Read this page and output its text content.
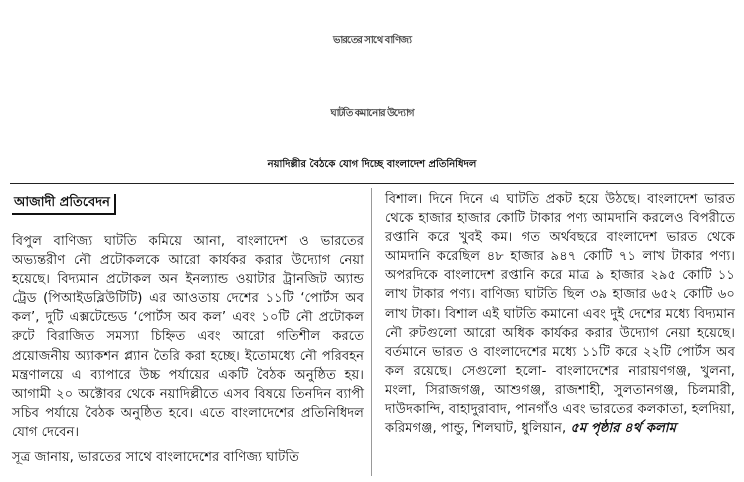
ভারতের সাথে বাণিজ্য
ঘাটতি কমানোর উদ্যোগ
নয়াদিল্লীর বৈঠকে যোগ দিচ্ছে বাংলাদেশ প্রতিনিধিদল
আজাদী প্রতিবেদন

বিপুল বাণিজ্য ঘাটতি কমিয়ে আনা, বাংলাদেশ ও ভারতের অভ্যন্তরীণ নৌ প্রটোকলকে আরো কার্যকর করার উদ্যোগ নেয়া হয়েছে। বিদ্যমান প্রটোকল অন ইনল্যান্ড ওয়াটার ট্রানজিট অ্যান্ড ট্রেড (পিআইডব্লিউটিটি) এর আওতায় দেশের ১১টি ‘পোর্টস অব কল’, দুটি এক্সটেন্ডেড ‘পোর্টস অব কল’ এবং ১০টি নৌ প্রটোকল রুটে বিরাজিত সমস্যা চিহ্নিত এবং আরো গতিশীল করতে প্রয়োজনীয় অ্যাকশন প্ল্যান তৈরি করা হচ্ছে। ইতোমধ্যে নৌ পরিবহন মন্ত্রণালয়ে এ ব্যাপারে উচ্চ পর্যায়ের একটি বৈঠক অনুষ্ঠিত হয়। আগামী ২০ অক্টোবর থেকে নয়াদিল্লীতে এসব বিষয়ে তিনদিন ব্যাপী সচিব পর্যায়ে বৈঠক অনুষ্ঠিত হবে। এতে বাংলাদেশের প্রতিনিধিদল যোগ দেবেন।

সূত্র জানায়, ভারতের সাথে বাংলাদেশের বাণিজ্য ঘাটতি

বিশাল। দিনে দিনে এ ঘাটতি প্রকট হয়ে উঠছে। বাংলাদেশ ভারত থেকে হাজার হাজার কোটি টাকার পণ্য আমদানি করলেও বিপরীতে রপ্তানি করে খুবই কম। গত অর্থবছরে বাংলাদেশ ভারত থেকে আমদানি করেছিল ৪৮ হাজার ৯৪৭ কোটি ৭১ লাখ টাকার পণ্য। অপরদিকে বাংলাদেশ রপ্তানি করে মাত্র ৯ হাজার ২৯৫ কোটি ১১ লাখ টাকার পণ্য। বাণিজ্য ঘাটতি ছিল ৩৯ হাজার ৬৫২ কোটি ৬০ লাখ টাকা। বিশাল এই ঘাটতি কমানো এবং দুই দেশের মধ্যে বিদ্যমান নৌ রুটগুলো আরো অধিক কার্যকর করার উদ্যোগ নেয়া হয়েছে। বর্তমানে ভারত ও বাংলাদেশের মধ্যে ১১টি করে ২২টি পোর্টস অব কল রয়েছে। সেগুলো হলো- বাংলাদেশের নারায়ণগঞ্জ, খুলনা, মংলা, সিরাজগঞ্জ, আশুগঞ্জ, রাজশাহী, সুলতানগঞ্জ, চিলমারী, দাউদকান্দি, বাহাদুরাবাদ, পানগাঁও এবং ভারতের কলকাতা, হলদিয়া, করিমগঞ্জ, পান্ডু, শিলঘাট, ধুলিয়ান, ৫ম পৃষ্ঠার ৪র্থ কলাম
